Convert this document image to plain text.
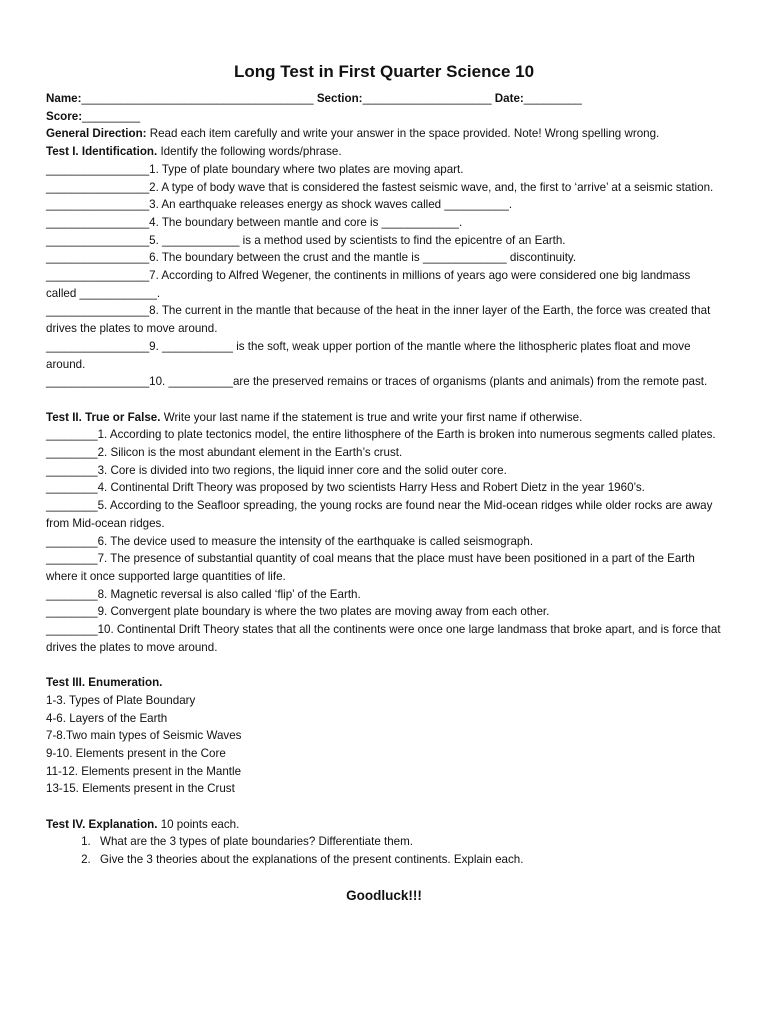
Long Test in First Quarter Science 10
Name:____________________________________ Section:____________________ Date:_________
Score:_________
General Direction: Read each item carefully and write your answer in the space provided. Note! Wrong spelling wrong.
Test I. Identification. Identify the following words/phrase.
________________1. Type of plate boundary where two plates are moving apart.
________________2. A type of body wave that is considered the fastest seismic wave, and, the first to ‘arrive’ at a seismic station.
________________3. An earthquake releases energy as shock waves called __________.
________________4. The boundary between mantle and core is ____________.
________________5. ____________ is a method used by scientists to find the epicentre of an Earth.
________________6. The boundary between the crust and the mantle is _____________ discontinuity.
________________7. According to Alfred Wegener, the continents in millions of years ago were considered one big landmass called ____________.
________________8. The current in the mantle that because of the heat in the inner layer of the Earth, the force was created that drives the plates to move around.
________________9. ___________ is the soft, weak upper portion of the mantle where the lithospheric plates float and move around.
________________10. __________are the preserved remains or traces of organisms (plants and animals) from the remote past.
Test II. True or False. Write your last name if the statement is true and write your first name if otherwise.
________1. According to plate tectonics model, the entire lithosphere of the Earth is broken into numerous segments called plates.
________2. Silicon is the most abundant element in the Earth’s crust.
________3. Core is divided into two regions, the liquid inner core and the solid outer core.
________4. Continental Drift Theory was proposed by two scientists Harry Hess and Robert Dietz in the year 1960’s.
________5. According to the Seafloor spreading, the young rocks are found near the Mid-ocean ridges while older rocks are away from Mid-ocean ridges.
________6. The device used to measure the intensity of the earthquake is called seismograph.
________7. The presence of substantial quantity of coal means that the place must have been positioned in a part of the Earth where it once supported large quantities of life.
________8. Magnetic reversal is also called ‘flip’ of the Earth.
________9. Convergent plate boundary is where the two plates are moving away from each other.
________10. Continental Drift Theory states that all the continents were once one large landmass that broke apart, and is force that drives the plates to move around.
Test III. Enumeration.
1-3. Types of Plate Boundary
4-6. Layers of the Earth
7-8.Two main types of Seismic Waves
9-10. Elements present in the Core
11-12. Elements present in the Mantle
13-15. Elements present in the Crust
Test IV. Explanation. 10 points each.
1. What are the 3 types of plate boundaries? Differentiate them.
2. Give the 3 theories about the explanations of the present continents. Explain each.
Goodluck!!!
